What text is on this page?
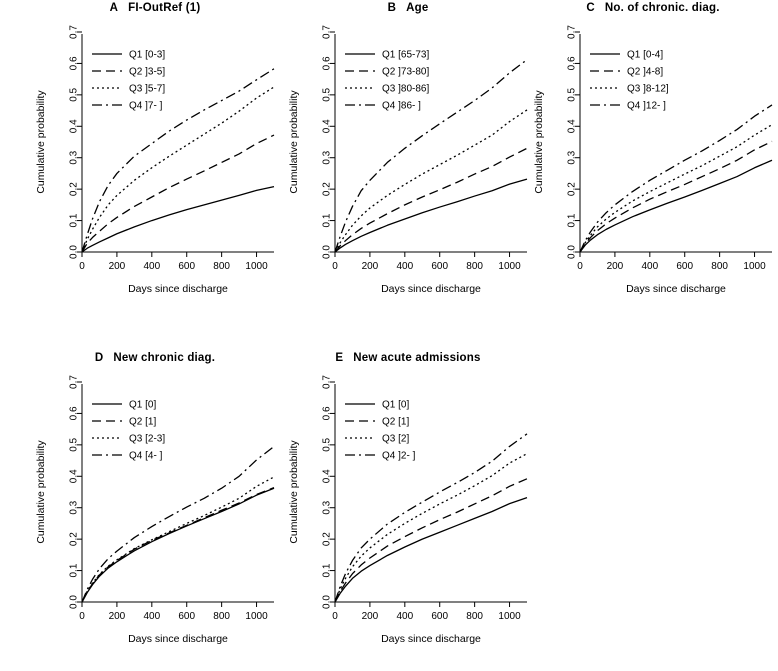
A FI-OutRef (1)
0 200 400 600 800 1000
0.0
0.1
0.2
0.3
0.4
0.5
0.6
0.7
Days since discharge
Cumulative probability
Q1 [0-3]
Q2 ]3-5]
Q3 ]5-7]
Q4 ]7- ]
B Age
0 200 400 600 800 1000
0.0
0.1
0.2
0.3
0.4
0.5
0.6
0.7
Days since discharge
Cumulative probability
Q1 [65-73]
Q2 ]73-80]
Q3 ]80-86]
Q4 ]86- ]
C No. of chronic. diag.
0 200 400 600 800 1000
0.0
0.1
0.2
0.3
0.4
0.5
0.6
0.7
Days since discharge
Cumulative probability
Q1 [0-4]
Q2 ]4-8]
Q3 ]8-12]
Q4 ]12- ]
D New chronic diag.
0 200 400 600 800 1000
0.0
0.1
0.2
0.3
0.4
0.5
0.6
0.7
Days since discharge
Cumulative probability
Q1 [0]
Q2 [1]
Q3 [2-3]
Q4 [4- ]
E New acute admissions
0 200 400 600 800 1000
0.0
0.1
0.2
0.3
0.4
0.5
0.6
0.7
Days since discharge
Cumulative probability
Q1 [0]
Q2 [1]
Q3 [2]
Q4 ]2- ]
